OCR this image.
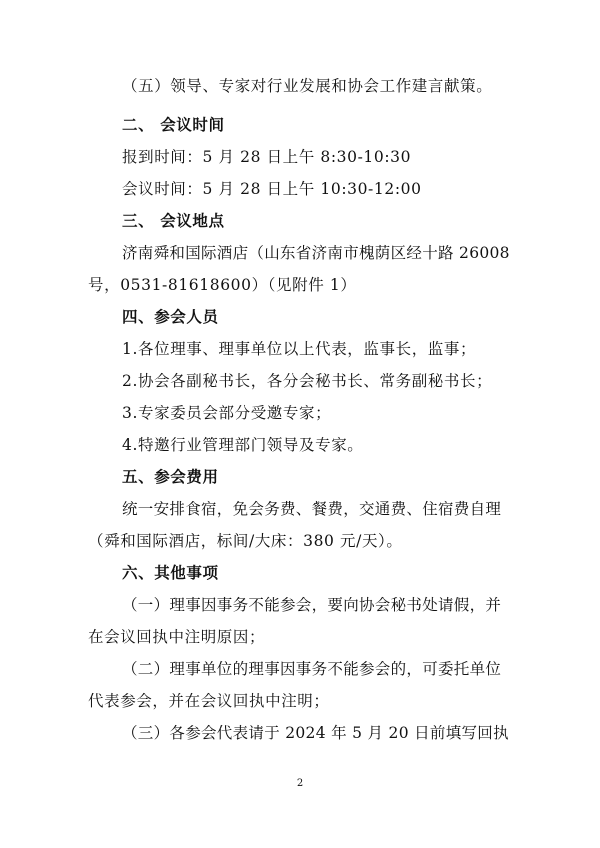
（五）领导、专家对行业发展和协会工作建言献策。
二、 会议时间
报到时间：5 月 28 日上午 8:30-10:30
会议时间：5 月 28 日上午 10:30-12:00
三、 会议地点
济南舜和国际酒店（山东省济南市槐荫区经十路 26008
号，0531-81618600）（见附件 1）
四、参会人员
1.各位理事、理事单位以上代表，监事长，监事；
2.协会各副秘书长，各分会秘书长、常务副秘书长；
3.专家委员会部分受邀专家；
4.特邀行业管理部门领导及专家。
五、参会费用
统一安排食宿，免会务费、餐费，交通费、住宿费自理
（舜和国际酒店，标间/大床：380 元/天）。
六、其他事项
（一）理事因事务不能参会，要向协会秘书处请假，并
在会议回执中注明原因；
（二）理事单位的理事因事务不能参会的，可委托单位
代表参会，并在会议回执中注明；
（三）各参会代表请于 2024 年 5 月 20 日前填写回执
2
